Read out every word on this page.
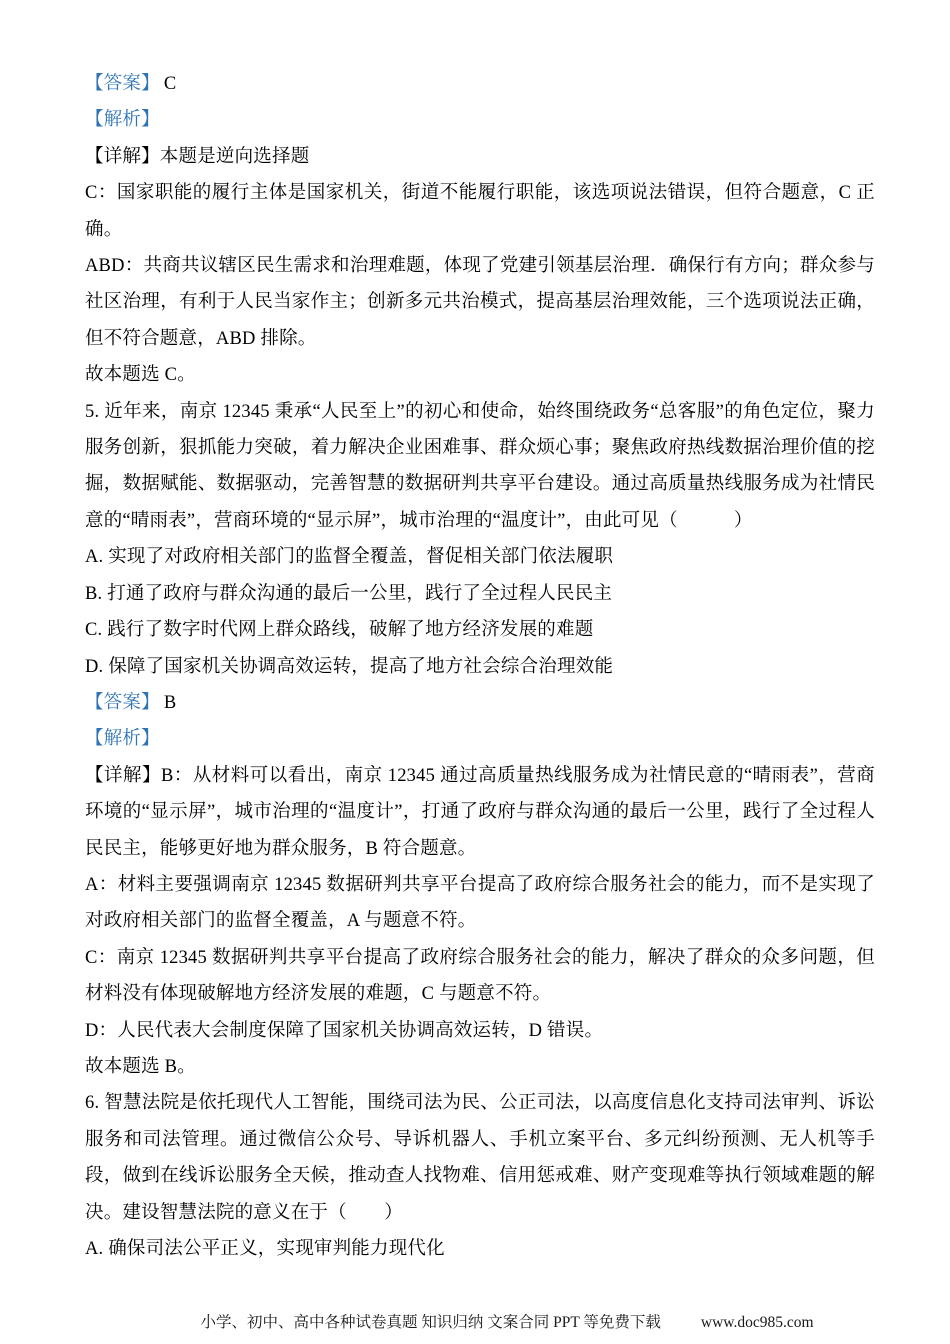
【答案】 C

【解析】

【详解】本题是逆向选择题

C：国家职能的履行主体是国家机关，街道不能履行职能，该选项说法错误，但符合题意，C 正确。

ABD：共商共议辖区民生需求和治理难题，体现了党建引领基层治理．确保行有方向；群众参与社区治理，有利于人民当家作主；创新多元共治模式，提高基层治理效能，三个选项说法正确，但不符合题意，ABD 排除。

故本题选 C。

5. 近年来，南京 12345 秉承“人民至上”的初心和使命，始终围绕政务“总客服”的角色定位，聚力服务创新，狠抓能力突破，着力解决企业困难事、群众烦心事；聚焦政府热线数据治理价值的挖掘，数据赋能、数据驱动，完善智慧的数据研判共享平台建设。通过高质量热线服务成为社情民意的“晴雨表”，营商环境的“显示屏”，城市治理的“温度计”，由此可见（　　　）

A. 实现了对政府相关部门的监督全覆盖，督促相关部门依法履职

B. 打通了政府与群众沟通的最后一公里，践行了全过程人民民主

C. 践行了数字时代网上群众路线，破解了地方经济发展的难题

D. 保障了国家机关协调高效运转，提高了地方社会综合治理效能

【答案】 B

【解析】

【详解】B：从材料可以看出，南京 12345 通过高质量热线服务成为社情民意的“晴雨表”，营商环境的“显示屏”，城市治理的“温度计”，打通了政府与群众沟通的最后一公里，践行了全过程人民民主，能够更好地为群众服务，B 符合题意。

A：材料主要强调南京 12345 数据研判共享平台提高了政府综合服务社会的能力，而不是实现了对政府相关部门的监督全覆盖，A 与题意不符。

C：南京 12345 数据研判共享平台提高了政府综合服务社会的能力，解决了群众的众多问题，但材料没有体现破解地方经济发展的难题，C 与题意不符。

D：人民代表大会制度保障了国家机关协调高效运转，D 错误。

故本题选 B。

6. 智慧法院是依托现代人工智能，围绕司法为民、公正司法，以高度信息化支持司法审判、诉讼服务和司法管理。通过微信公众号、导诉机器人、手机立案平台、多元纠纷预测、无人机等手段，做到在线诉讼服务全天候，推动查人找物难、信用惩戒难、财产变现难等执行领域难题的解决。建设智慧法院的意义在于（　　）

A. 确保司法公平正义，实现审判能力现代化

小学、初中、高中各种试卷真题 知识归纳 文案合同 PPT 等免费下载	www.doc985.com
